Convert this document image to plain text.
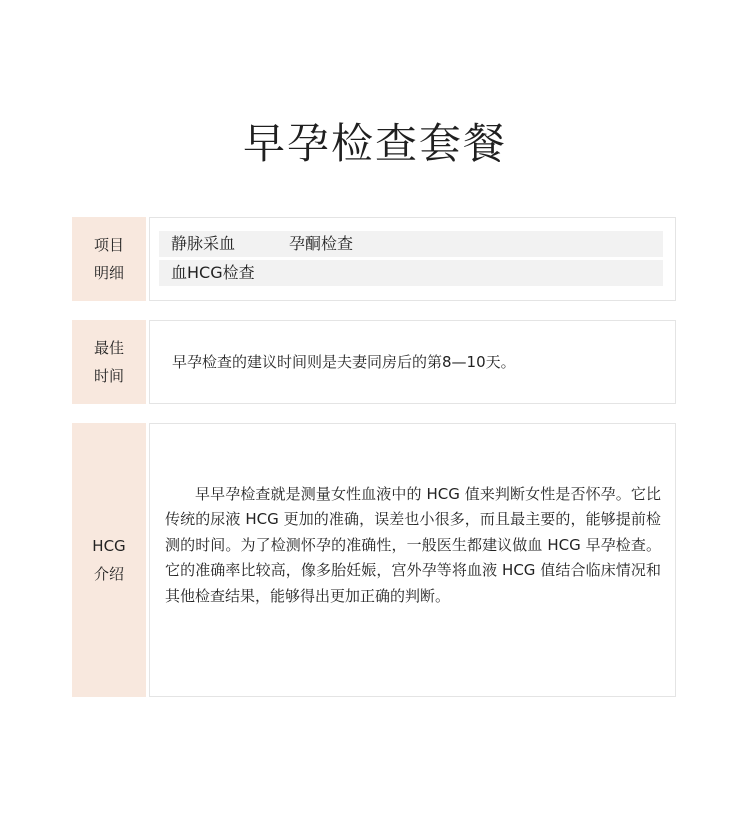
早孕检查套餐
项目
明细
静脉采血	孕酮检查
血HCG检查
最佳
时间
早孕检查的建议时间则是夫妻同房后的第8—10天。
HCG
介绍
早早孕检查就是测量女性血液中的 HCG 值来判断女性是否怀孕。它比传统的尿液 HCG 更加的准确，误差也小很多，而且最主要的，能够提前检测的时间。为了检测怀孕的准确性，一般医生都建议做血 HCG 早孕检查。它的准确率比较高，像多胎妊娠，宫外孕等将血液 HCG 值结合临床情况和其他检查结果，能够得出更加正确的判断。
